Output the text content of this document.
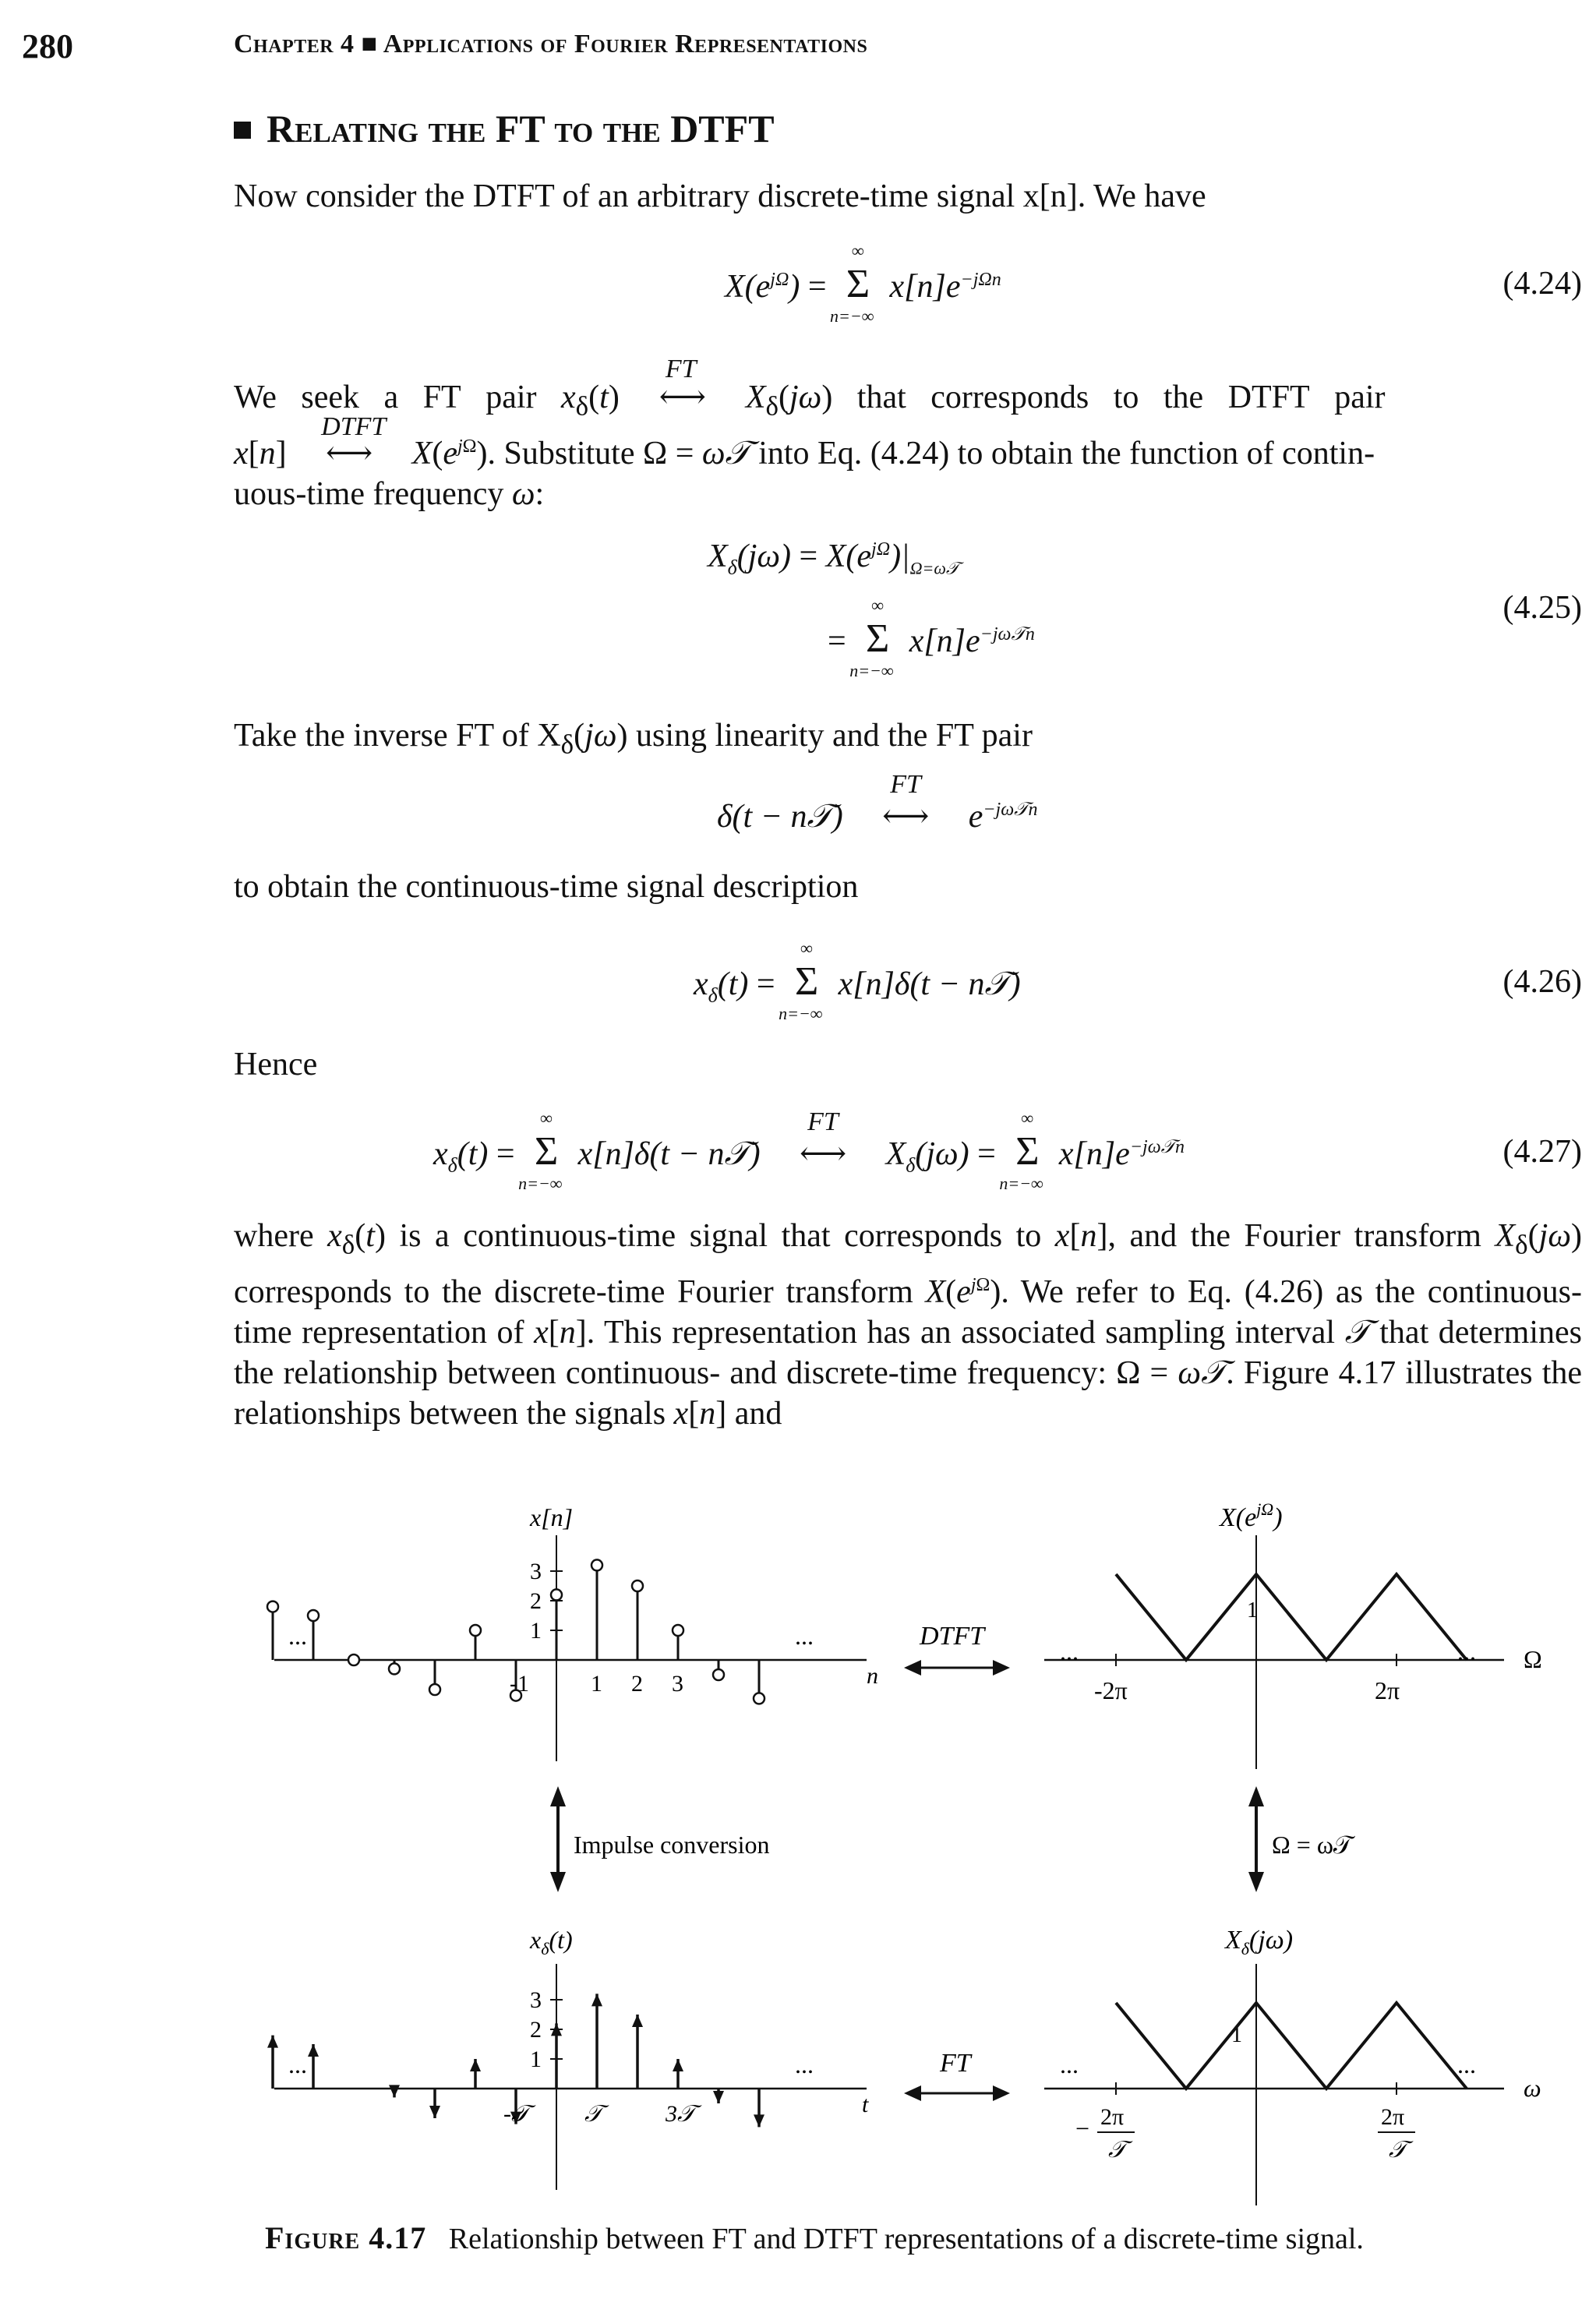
280	Chapter 4 ■ Applications of Fourier Representations
Relating the FT to the DTFT
Now consider the DTFT of an arbitrary discrete-time signal x[n]. We have
$X(e^{j\Omega}) = \Sigma$
∞
n=−∞
$x[n]e^{-j\Omega n}$	(4.24)
We   seek   a   FT   pair   $x_\delta(t)$
FT
⟷ $X_\delta(j\omega)$   that   corresponds   to   the   DTFT   pair
x[n]
DTFT
⟷ $X(e^{j\Omega})$. Substitute Ω = ω𝒯 into Eq. (4.24) to obtain the function of contin-
uous-time frequency ω:
$X_\delta(j\omega) = X(e^{j\Omega})|_{\Omega=\omega 𝒯}$
= Σ
∞
n=−∞
$x[n]e^{-j\omega 𝒯n}$
(4.25)
Take the inverse FT of $X_\delta(j\omega)$ using linearity and the FT pair
δ(t − n𝒯)
FT
⟷ $e^{-j\omega 𝒯n}$
to obtain the continuous-time signal description
$x_\delta(t) = \Sigma$
∞
n=−∞
x[n]δ(t − n𝒯)	(4.26)
Hence
$x_\delta(t) = \Sigma$
∞
n=−∞
x[n]δ(t − n𝒯)
FT
⟷ $X_\delta(j\omega) = \Sigma$
∞
n=−∞
$x[n]e^{-j\omega 𝒯n}$	(4.27)
where $x_\delta(t)$ is a continuous-time signal that corresponds to x[n], and the Fourier transform $X_\delta(j\omega)$ corresponds to the discrete-time Fourier transform $X(e^{j\Omega})$. We refer to Eq. (4.26) as the continuous-time representation of x[n]. This representation has an associated sampling interval 𝒯 that determines the relationship between continuous- and discrete-time frequency: Ω = ω𝒯. Figure 4.17 illustrates the relationships between the signals x[n] and
x[n]
n
3
2
1
-1	1 2 3
...	...	DTFT
$X(e^{j\Omega})$
Ω
1
-2π	2π
...	...
Impulse conversion	Ω = ω𝒯
$x_\delta(t)$
t
3
2
1
-𝒯	𝒯	3𝒯
...	...	FT
$X_\delta(j\omega)$
ω
1
− 2π
𝒯
2π
𝒯
...	...
Figure 4.17 Relationship between FT and DTFT representations of a discrete-time signal.
